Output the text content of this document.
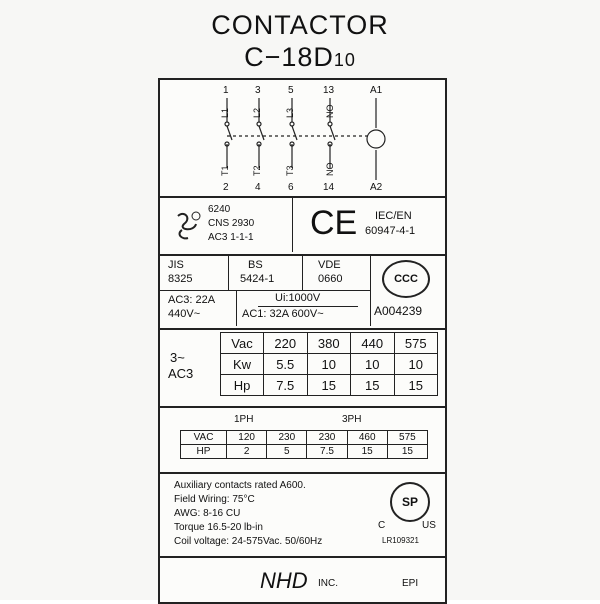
CONTACTOR
C−18D10
1	3	5	13	A1
L1 L2	L3	NO
T1 T2	T3	NO
2	4	6	14	A2
6240
CNS 2930
AC3 1-1-1 CE IEC/EN
60947-4-1
JIS
8325
BS
5424-1
VDE
0660
AC3: 22A
440V~
Ui:1000V
AC1: 32A 600V~
CCC
A004239
3~
AC3
Vac	220	380	440	575
Kw	5.5	10	10	10
Hp	7.5	15	15	15
1PH	3PH
VAC	120	230	230	460	575
HP	2	5	7.5	15	15
Auxiliary contacts rated A600.
Field Wiring: 75°C
AWG: 8-16 CU
Torque 16.5-20 lb-in
Coil voltage: 24-575Vac. 50/60Hz
SP
C	US
LR109321
NHD INC.	EPI
